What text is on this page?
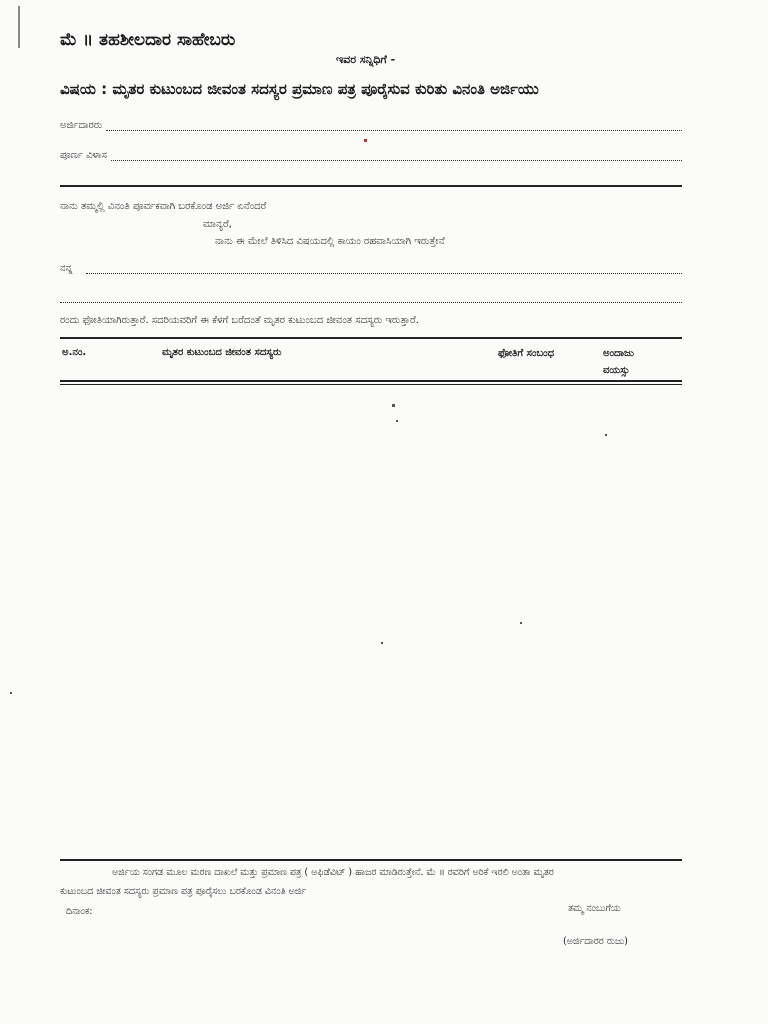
ಮೆ ॥ ತಹಶೀಲದಾರ ಸಾಹೇಬರು
ಇವರ ಸನ್ನಿಧಿಗೆ -
ವಿಷಯ : ಮೃತರ ಕುಟುಂಬದ ಜೀವಂತ ಸದಸ್ಯರ ಪ್ರಮಾಣ ಪತ್ರ ಪೂರೈಸುವ ಕುರಿತು ವಿನಂತಿ ಅರ್ಜಿಯು
ಅರ್ಜಿದಾರರು
ಪೂರ್ಣ ವಿಳಾಸ
ನಾನು ತಮ್ಮಲ್ಲಿ ವಿನಂತಿ ಪೂರ್ವಕವಾಗಿ ಬರಕೊಂಡ ಅರ್ಜಿ ಏನೆಂದರೆ
ಮಾನ್ಯರೆ,
ನಾನು ಈ ಮೇಲೆ ತಿಳಿಸಿದ ವಿಷಯದಲ್ಲಿ ಕಾಯಂ ರಹವಾಸಿಯಾಗಿ ಇರುತ್ತೇನೆ
ನನ್ನ
ರಂದು ಫೋತಿಯಾಗಿರುತ್ತಾರೆ. ಸದರಿಯವರಿಗೆ ಈ ಕೆಳಗೆ ಬರೆದಂತೆ ಮೃತರ ಕುಟುಂಬದ ಜೀವಂತ ಸದಸ್ಯರು ಇರುತ್ತಾರೆ.
ಅ.ನಂ.	ಮೃತರ ಕುಟುಂಬದ ಜೀವಂತ ಸದಸ್ಯರು	ಫೋತಿಗೆ ಸಂಬಂಧ	ಅಂದಾಜು ವಯಸ್ಸು
ಅರ್ಜಿಯ ಸಂಗಡ ಮೂಲ ಮರಣ ದಾಖಲೆ ಮತ್ತು ಪ್ರಮಾಣ ಪತ್ರ ( ಅಫಿಡೆವಿಟ್ ) ಹಾಜರ ಮಾಡಿರುತ್ತೇನೆ. ಮೆ ॥ ರವರಿಗೆ ಅರಿಕೆ ಇರಲಿ ಅಂತಾ ಮೃತರ
ಕುಟುಂಬದ ಜೀವಂತ ಸದಸ್ಯರು ಪ್ರಮಾಣ ಪತ್ರ ಪೂರೈಸಲು ಬರಕೊಂಡ ವಿನಂತಿ ಅರ್ಜಿ
ತಮ್ಮ ನಂಬುಗೆಯ
ದಿನಾಂಕ:
(ಅರ್ಜಿದಾರರ ರುಜು)
